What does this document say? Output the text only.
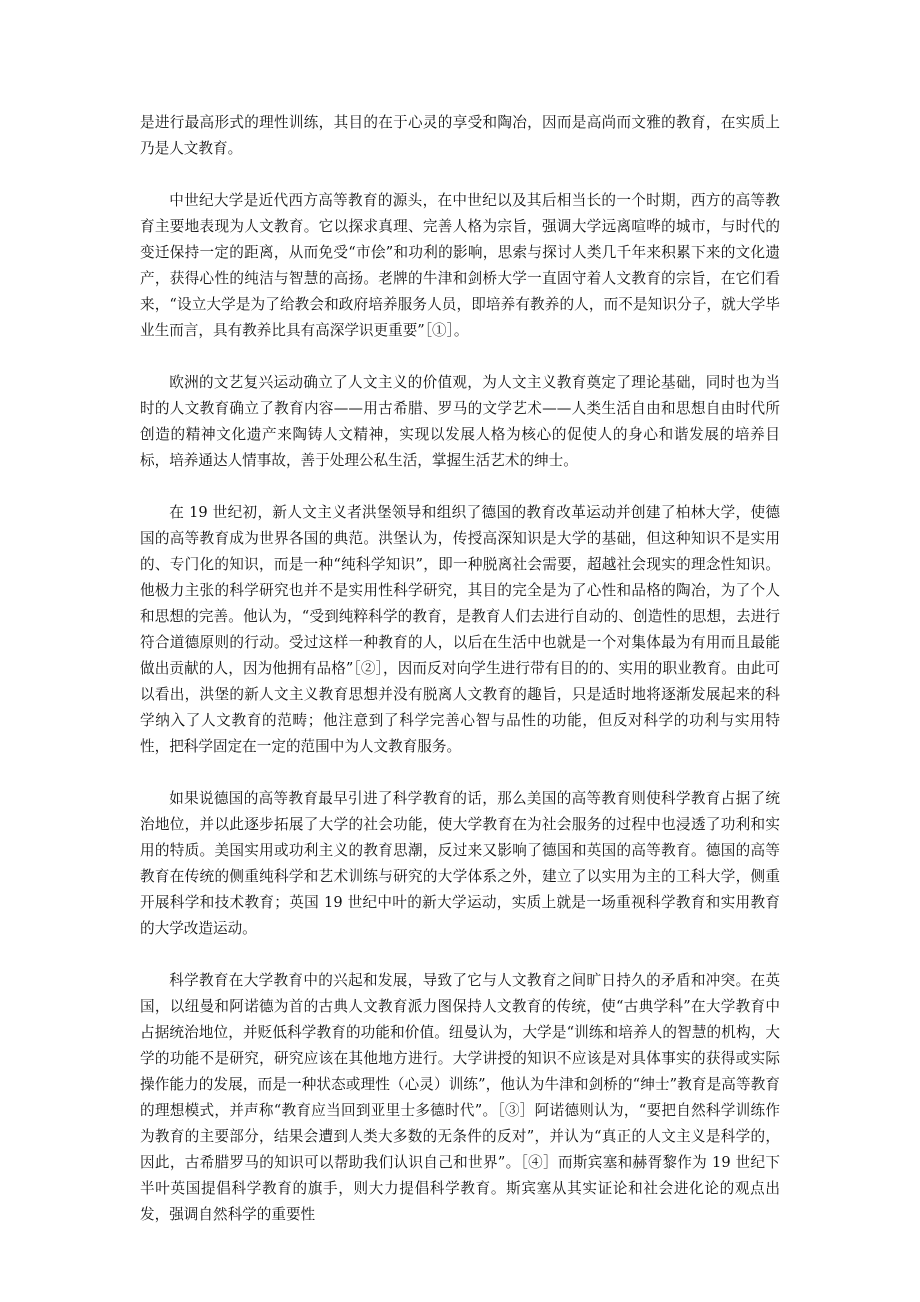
是进行最高形式的理性训练，其目的在于心灵的享受和陶冶，因而是高尚而文雅的教育，在实质上乃是人文教育。

中世纪大学是近代西方高等教育的源头，在中世纪以及其后相当长的一个时期，西方的高等教育主要地表现为人文教育。它以探求真理、完善人格为宗旨，强调大学远离喧哗的城市，与时代的变迁保持一定的距离，从而免受“市侩”和功利的影响，思索与探讨人类几千年来积累下来的文化遗产，获得心性的纯洁与智慧的高扬。老牌的牛津和剑桥大学一直固守着人文教育的宗旨，在它们看来，“设立大学是为了给教会和政府培养服务人员，即培养有教养的人，而不是知识分子，就大学毕业生而言，具有教养比具有高深学识更重要”［①］。

欧洲的文艺复兴运动确立了人文主义的价值观，为人文主义教育奠定了理论基础，同时也为当时的人文教育确立了教育内容——用古希腊、罗马的文学艺术——人类生活自由和思想自由时代所创造的精神文化遗产来陶铸人文精神，实现以发展人格为核心的促使人的身心和谐发展的培养目标，培养通达人情事故，善于处理公私生活，掌握生活艺术的绅士。

在 19 世纪初，新人文主义者洪堡领导和组织了德国的教育改革运动并创建了柏林大学，使德国的高等教育成为世界各国的典范。洪堡认为，传授高深知识是大学的基础，但这种知识不是实用的、专门化的知识，而是一种“纯科学知识”，即一种脱离社会需要，超越社会现实的理念性知识。他极力主张的科学研究也并不是实用性科学研究，其目的完全是为了心性和品格的陶冶，为了个人和思想的完善。他认为，“受到纯粹科学的教育，是教育人们去进行自动的、创造性的思想，去进行符合道德原则的行动。受过这样一种教育的人，以后在生活中也就是一个对集体最为有用而且最能做出贡献的人，因为他拥有品格”［②］，因而反对向学生进行带有目的的、实用的职业教育。由此可以看出，洪堡的新人文主义教育思想并没有脱离人文教育的趣旨，只是适时地将逐渐发展起来的科学纳入了人文教育的范畴；他注意到了科学完善心智与品性的功能，但反对科学的功利与实用特性，把科学固定在一定的范围中为人文教育服务。

如果说德国的高等教育最早引进了科学教育的话，那么美国的高等教育则使科学教育占据了统治地位，并以此逐步拓展了大学的社会功能，使大学教育在为社会服务的过程中也浸透了功利和实用的特质。美国实用或功利主义的教育思潮，反过来又影响了德国和英国的高等教育。德国的高等教育在传统的侧重纯科学和艺术训练与研究的大学体系之外，建立了以实用为主的工科大学，侧重开展科学和技术教育；英国 19 世纪中叶的新大学运动，实质上就是一场重视科学教育和实用教育的大学改造运动。

科学教育在大学教育中的兴起和发展，导致了它与人文教育之间旷日持久的矛盾和冲突。在英国，以纽曼和阿诺德为首的古典人文教育派力图保持人文教育的传统，使“古典学科”在大学教育中占据统治地位，并贬低科学教育的功能和价值。纽曼认为，大学是“训练和培养人的智慧的机构，大学的功能不是研究，研究应该在其他地方进行。大学讲授的知识不应该是对具体事实的获得或实际操作能力的发展，而是一种状态或理性（心灵）训练”，他认为牛津和剑桥的“绅士”教育是高等教育的理想模式，并声称“教育应当回到亚里士多德时代”。［③］阿诺德则认为，“要把自然科学训练作为教育的主要部分，结果会遭到人类大多数的无条件的反对”，并认为“真正的人文主义是科学的，因此，古希腊罗马的知识可以帮助我们认识自己和世界”。［④］而斯宾塞和赫胥黎作为 19 世纪下半叶英国提倡科学教育的旗手，则大力提倡科学教育。斯宾塞从其实证论和社会进化论的观点出发，强调自然科学的重要性
